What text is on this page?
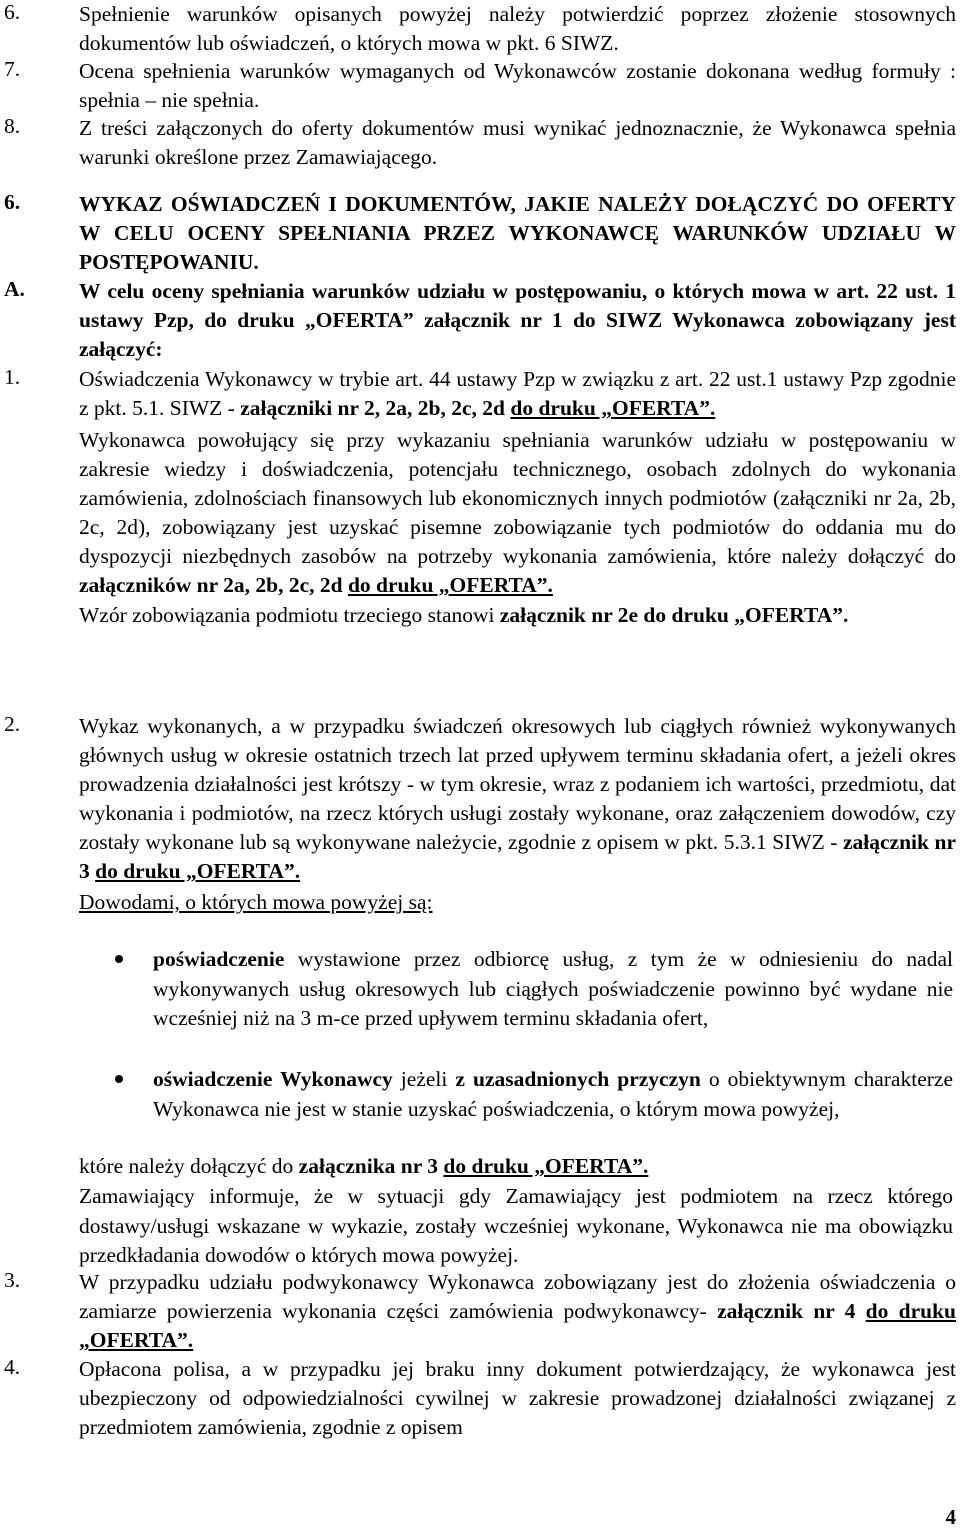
6.	Spełnienie warunków opisanych powyżej należy potwierdzić poprzez złożenie stosownych dokumentów lub oświadczeń, o których mowa w pkt. 6 SIWZ.
7.	Ocena spełnienia warunków wymaganych od Wykonawców zostanie dokonana według formuły : spełnia – nie spełnia.
8.	Z treści załączonych do oferty dokumentów musi wynikać jednoznacznie, że Wykonawca spełnia warunki określone przez Zamawiającego.
6.	WYKAZ OŚWIADCZEŃ I DOKUMENTÓW, JAKIE NALEŻY DOŁĄCZYĆ DO OFERTY W CELU OCENY SPEŁNIANIA PRZEZ WYKONAWCĘ WARUNKÓW UDZIAŁU W POSTĘPOWANIU.
A.	W celu oceny spełniania warunków udziału w postępowaniu, o których mowa w art. 22 ust. 1 ustawy Pzp, do druku „OFERTA” załącznik nr 1 do SIWZ Wykonawca zobowiązany jest załączyć:
1.	Oświadczenia Wykonawcy w trybie art. 44 ustawy Pzp w związku z art. 22 ust.1 ustawy Pzp zgodnie z pkt. 5.1. SIWZ - załączniki nr 2, 2a, 2b, 2c, 2d do druku „OFERTA”.
Wykonawca powołujący się przy wykazaniu spełniania warunków udziału w postępowaniu w zakresie wiedzy i doświadczenia, potencjału technicznego, osobach zdolnych do wykonania zamówienia, zdolnościach finansowych lub ekonomicznych innych podmiotów (załączniki nr 2a, 2b, 2c, 2d), zobowiązany jest uzyskać pisemne zobowiązanie tych podmiotów do oddania mu do dyspozycji niezbędnych zasobów na potrzeby wykonania zamówienia, które należy dołączyć do załączników nr 2a, 2b, 2c, 2d do druku „OFERTA”.
Wzór zobowiązania podmiotu trzeciego stanowi załącznik nr 2e do druku „OFERTA”.
2.	Wykaz wykonanych, a w przypadku świadczeń okresowych lub ciągłych również wykonywanych głównych usług w okresie ostatnich trzech lat przed upływem terminu składania ofert, a jeżeli okres prowadzenia działalności jest krótszy - w tym okresie, wraz z podaniem ich wartości, przedmiotu, dat wykonania i podmiotów, na rzecz których usługi zostały wykonane, oraz załączeniem dowodów, czy zostały wykonane lub są wykonywane należycie, zgodnie z opisem w pkt. 5.3.1 SIWZ - załącznik nr 3 do druku „OFERTA”.
Dowodami, o których mowa powyżej są:
poświadczenie wystawione przez odbiorcę usług, z tym że w odniesieniu do nadal wykonywanych usług okresowych lub ciągłych poświadczenie powinno być wydane nie wcześniej niż na 3 m-ce przed upływem terminu składania ofert,
oświadczenie Wykonawcy jeżeli z uzasadnionych przyczyn o obiektywnym charakterze Wykonawca nie jest w stanie uzyskać poświadczenia, o którym mowa powyżej,
które należy dołączyć do załącznika nr 3 do druku „OFERTA”.
Zamawiający informuje, że w sytuacji gdy Zamawiający jest podmiotem na rzecz którego dostawy/usługi wskazane w wykazie, zostały wcześniej wykonane, Wykonawca nie ma obowiązku przedkładania dowodów o których mowa powyżej.
3.	W przypadku udziału podwykonawcy Wykonawca zobowiązany jest do złożenia oświadczenia o zamiarze powierzenia wykonania części zamówienia podwykonawcy- załącznik nr 4 do druku „OFERTA”.
4.	Opłacona polisa, a w przypadku jej braku inny dokument potwierdzający, że wykonawca jest ubezpieczony od odpowiedzialności cywilnej w zakresie prowadzonej działalności związanej z przedmiotem zamówienia, zgodnie z opisem
4
